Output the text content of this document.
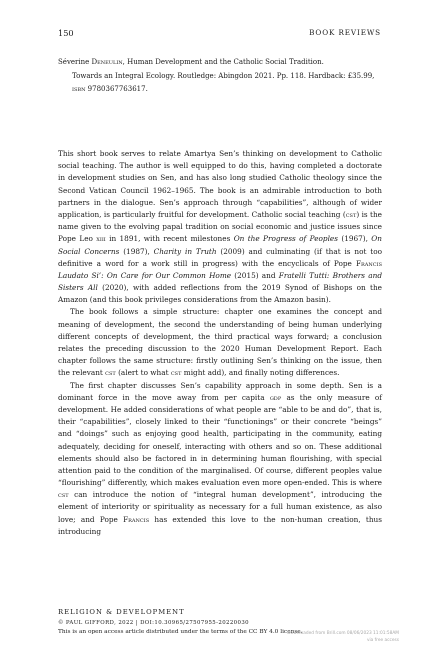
150	BOOK REVIEWS
Séverine Deneulin, Human Development and the Catholic Social Tradition.
Towards an Integral Ecology. Routledge: Abingdon 2021. Pp. 118. Hardback: £35.99,
isbn 9780367763617.

This short book serves to relate Amartya Sen’s thinking on development to Catholic social teaching. The author is well equipped to do this, having completed a doctorate in development studies on Sen, and has also long studied Catholic theology since the Second Vatican Council 1962–1965. The book is an admirable introduction to both partners in the dialogue. Sen’s approach through “capabilities”, although of wider application, is particularly fruitful for development. Catholic social teaching (cst) is the name given to the evolving papal tradition on social economic and justice issues since Pope Leo xiii in 1891, with recent milestones On the Progress of Peoples (1967), On Social Concerns (1987), Charity in Truth (2009) and culminating (if that is not too definitive a word for a work still in progress) with the encyclicals of Pope Francis Laudato Si’: On Care for Our Common Home (2015) and Fratelli Tutti: Brothers and Sisters All (2020), with added reflections from the 2019 Synod of Bishops on the Amazon (and this book privileges considerations from the Amazon basin).

The book follows a simple structure: chapter one examines the concept and meaning of development, the second the understanding of being human underlying different concepts of development, the third practical ways forward; a conclusion relates the preceding discussion to the 2020 Human Development Report. Each chapter follows the same structure: firstly outlining Sen’s thinking on the issue, then the relevant cst (alert to what cst might add), and finally noting differences.

The first chapter discusses Sen’s capability approach in some depth. Sen is a dominant force in the move away from per capita gdp as the only measure of development. He added considerations of what people are “able to be and do”, that is, their “capabilities”, closely linked to their “functionings” or their concrete “beings” and “doings” such as enjoying good health, participating in the community, eating adequately, deciding for oneself, interacting with others and so on. These additional elements should also be factored in in determining human flourishing, with special attention paid to the condition of the marginalised. Of course, different peoples value “flourishing” differently, which makes evaluation even more open-ended. This is where cst can introduce the notion of “integral human development”, introducing the element of interiority or spirituality as necessary for a full human existence, as also love; and Pope Francis has extended this love to the non-human creation, thus introducing

RELIGION & DEVELOPMENT
© PAUL GIFFORD, 2022 | DOI:10.30965/27507955-20220030
This is an open access article distributed under the terms of the CC BY 4.0 license.
Downloaded from Brill.com 08/06/2023 11:01:58AM
via free access
